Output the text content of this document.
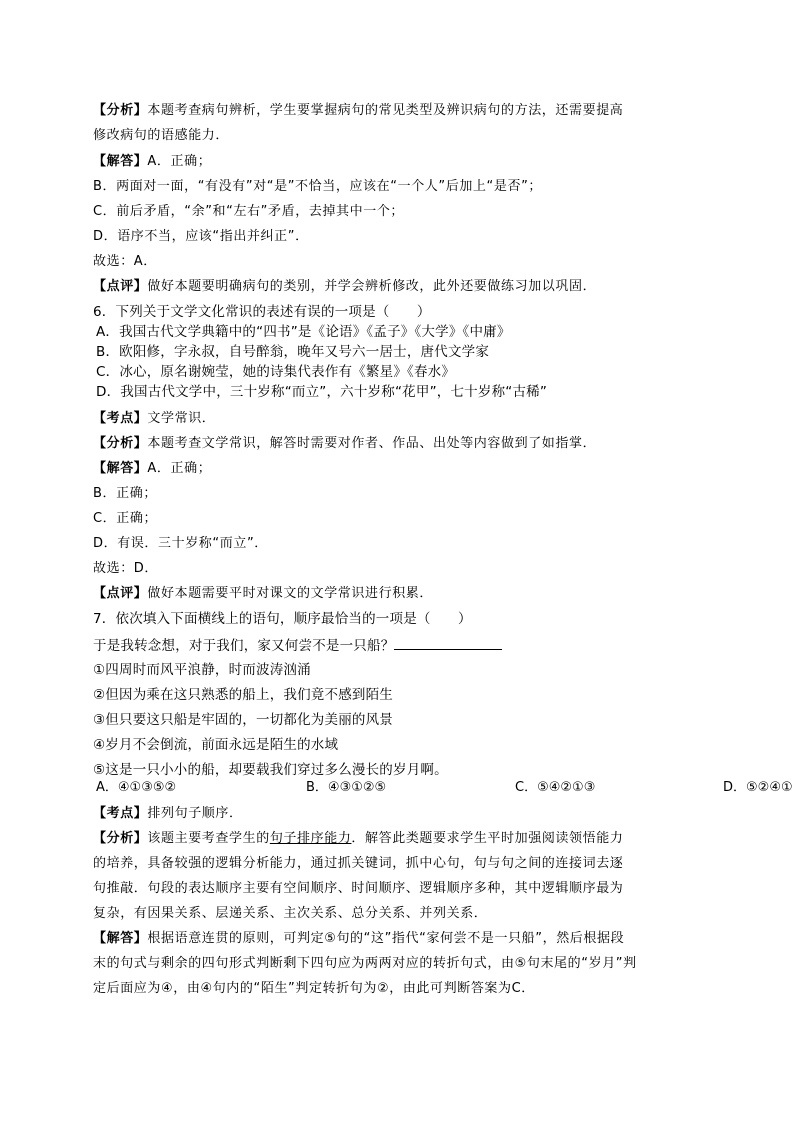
【分析】本题考查病句辨析，学生要掌握病句的常见类型及辨识病句的方法，还需要提高
修改病句的语感能力．
【解答】A．正确；
B．两面对一面，“有没有”对“是”不恰当，应该在“一个人”后加上“是否”；
C．前后矛盾，“余”和“左右”矛盾，去掉其中一个；
D．语序不当，应该“指出并纠正”．
故选：A．
【点评】做好本题要明确病句的类别，并学会辨析修改，此外还要做练习加以巩固．
6．下列关于文学文化常识的表述有误的一项是（　　）
A．我国古代文学典籍中的“四书”是《论语》《孟子》《大学》《中庸》
B．欧阳修，字永叔，自号醉翁，晚年又号六一居士，唐代文学家
C．冰心，原名谢婉莹，她的诗集代表作有《繁星》《春水》
D．我国古代文学中，三十岁称“而立”，六十岁称“花甲”，七十岁称“古稀”
【考点】文学常识．
【分析】本题考查文学常识，解答时需要对作者、作品、出处等内容做到了如指掌．
【解答】A．正确；
B．正确；
C．正确；
D．有误．三十岁称“而立”．
故选：D．
【点评】做好本题需要平时对课文的文学常识进行积累．
7．依次填入下面横线上的语句，顺序最恰当的一项是（　　）
于是我转念想，对于我们，家又何尝不是一只船？
①四周时而风平浪静，时而波涛汹涌
②但因为乘在这只熟悉的船上，我们竟不感到陌生
③但只要这只船是牢固的，一切都化为美丽的风景
④岁月不会倒流，前面永远是陌生的水域
⑤这是一只小小的船，却要载我们穿过多么漫长的岁月啊。
A．④①③⑤②	B．④③①②⑤	C．⑤④②①③	D．⑤②④①
【考点】排列句子顺序．
【分析】该题主要考查学生的句子排序能力．解答此类题要求学生平时加强阅读领悟能力
的培养，具备较强的逻辑分析能力，通过抓关键词，抓中心句，句与句之间的连接词去逐
句推敲．句段的表达顺序主要有空间顺序、时间顺序、逻辑顺序多种，其中逻辑顺序最为
复杂，有因果关系、层递关系、主次关系、总分关系、并列关系．
【解答】根据语意连贯的原则，可判定⑤句的“这”指代“家何尝不是一只船”，然后根据段
末的句式与剩余的四句形式判断剩下四句应为两两对应的转折句式，由⑤句末尾的“岁月”判
定后面应为④，由④句内的“陌生”判定转折句为②，由此可判断答案为C．
